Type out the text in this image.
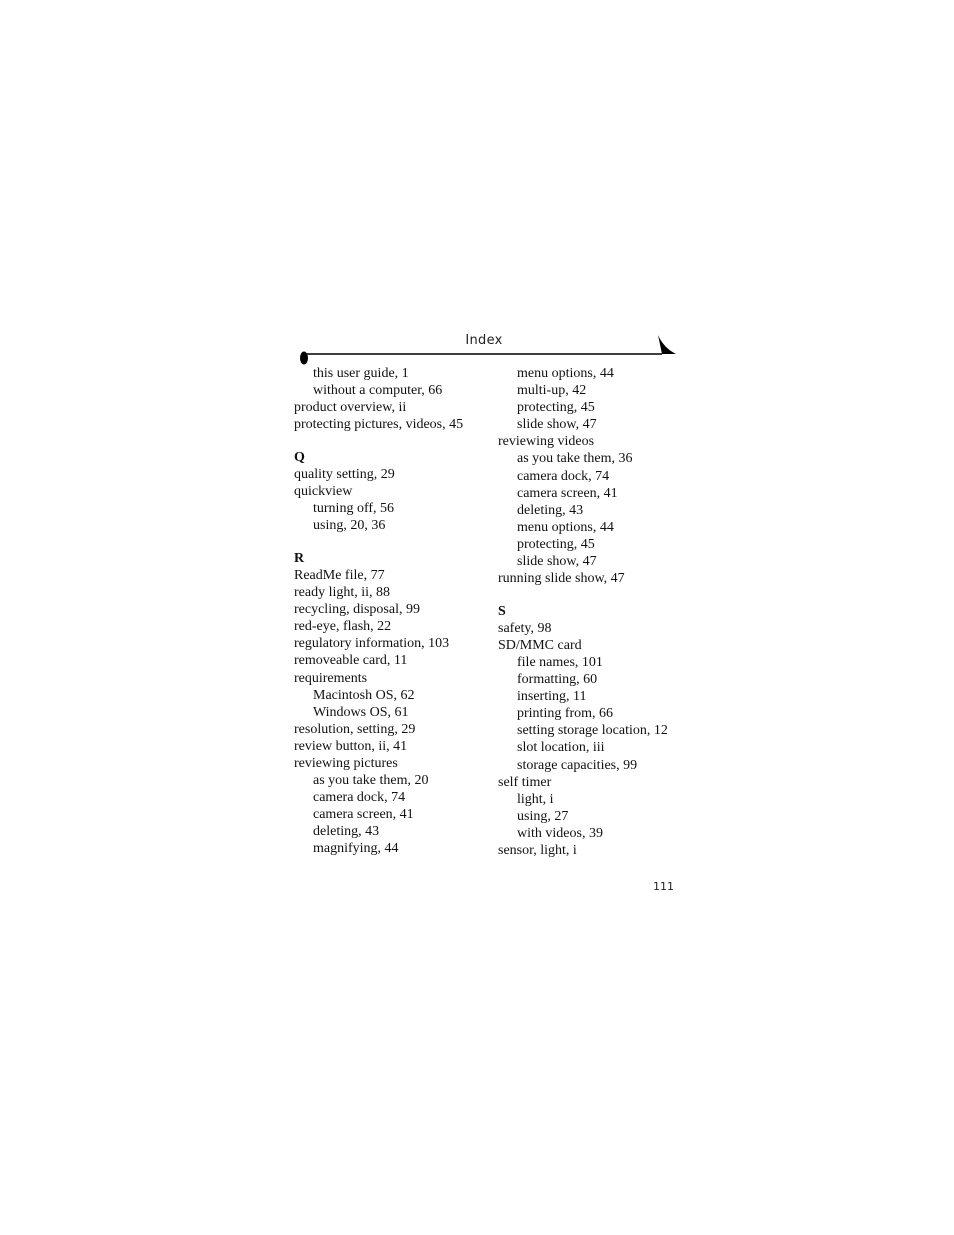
Index
this user guide, 1
without a computer, 66
product overview, ii
protecting pictures, videos, 45
Q
quality setting, 29
quickview
turning off, 56
using, 20, 36
R
ReadMe file, 77
ready light, ii, 88
recycling, disposal, 99
red-eye, flash, 22
regulatory information, 103
removeable card, 11
requirements
Macintosh OS, 62
Windows OS, 61
resolution, setting, 29
review button, ii, 41
reviewing pictures
as you take them, 20
camera dock, 74
camera screen, 41
deleting, 43
magnifying, 44
menu options, 44
multi-up, 42
protecting, 45
slide show, 47
reviewing videos
as you take them, 36
camera dock, 74
camera screen, 41
deleting, 43
menu options, 44
protecting, 45
slide show, 47
running slide show, 47
S
safety, 98
SD/MMC card
file names, 101
formatting, 60
inserting, 11
printing from, 66
setting storage location, 12
slot location, iii
storage capacities, 99
self timer
light, i
using, 27
with videos, 39
sensor, light, i
111
